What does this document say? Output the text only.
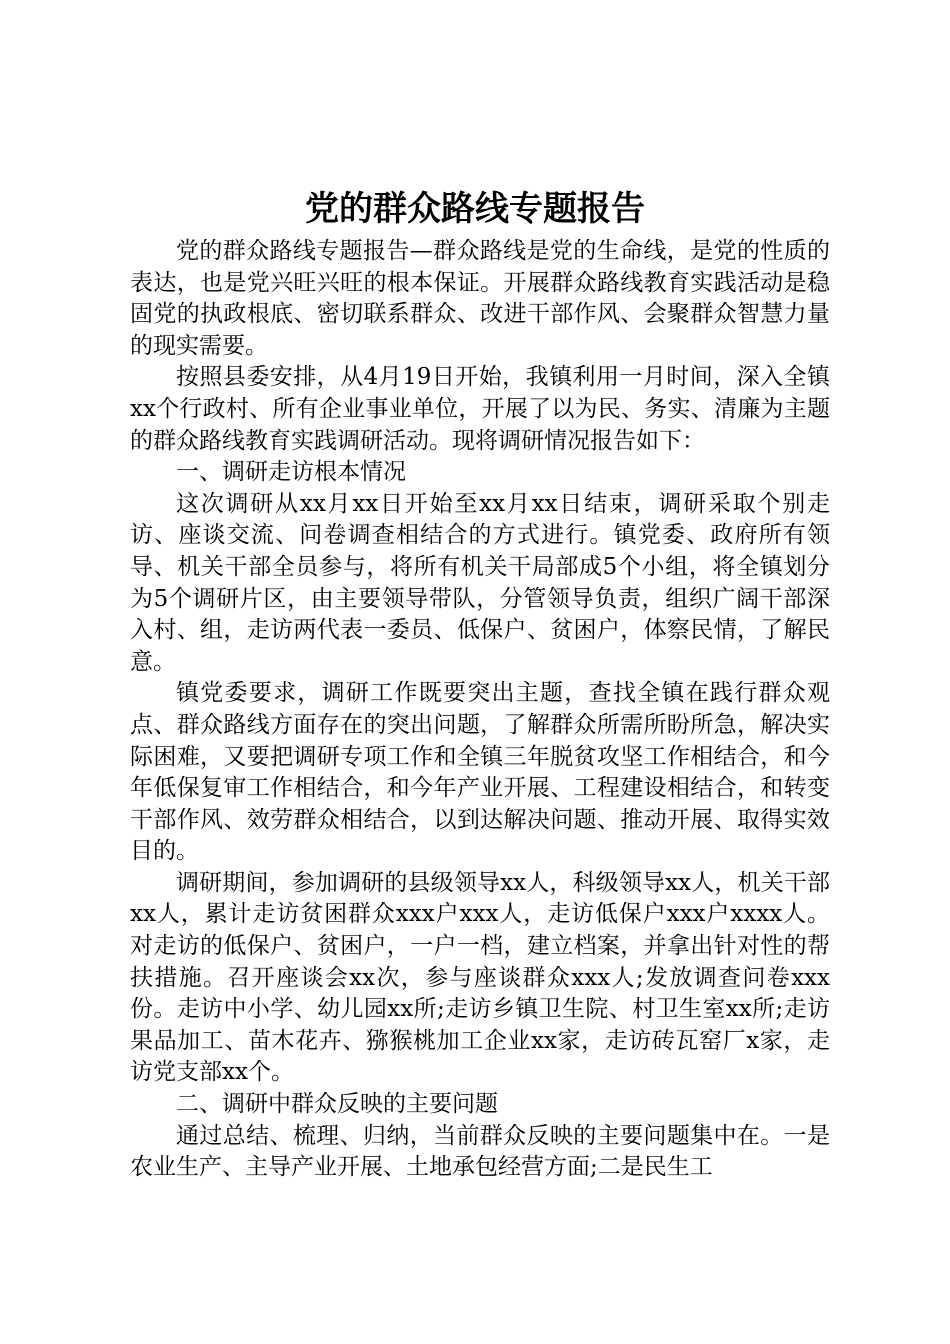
党的群众路线专题报告

党的群众路线专题报告—群众路线是党的生命线，是党的性质的表达，也是党兴旺兴旺的根本保证。开展群众路线教育实践活动是稳固党的执政根底、密切联系群众、改进干部作风、会聚群众智慧力量的现实需要。

按照县委安排，从4月19日开始，我镇利用一月时间，深入全镇xx个行政村、所有企业事业单位，开展了以为民、务实、清廉为主题的群众路线教育实践调研活动。现将调研情况报告如下：

一、调研走访根本情况

这次调研从xx月xx日开始至xx月xx日结束，调研采取个别走访、座谈交流、问卷调查相结合的方式进行。镇党委、政府所有领导、机关干部全员参与，将所有机关干局部成5个小组，将全镇划分为5个调研片区，由主要领导带队，分管领导负责，组织广阔干部深入村、组，走访两代表一委员、低保户、贫困户，体察民情，了解民意。

镇党委要求，调研工作既要突出主题，查找全镇在践行群众观点、群众路线方面存在的突出问题，了解群众所需所盼所急，解决实际困难，又要把调研专项工作和全镇三年脱贫攻坚工作相结合，和今年低保复审工作相结合，和今年产业开展、工程建设相结合，和转变干部作风、效劳群众相结合，以到达解决问题、推动开展、取得实效目的。

调研期间，参加调研的县级领导xx人，科级领导xx人，机关干部xx人，累计走访贫困群众xxx户xxx人，走访低保户xxx户xxxx人。对走访的低保户、贫困户，一户一档，建立档案，并拿出针对性的帮扶措施。召开座谈会xx次，参与座谈群众xxx人;发放调查问卷xxx份。走访中小学、幼儿园xx所;走访乡镇卫生院、村卫生室xx所;走访果品加工、苗木花卉、猕猴桃加工企业xx家，走访砖瓦窑厂x家，走访党支部xx个。

二、调研中群众反映的主要问题

通过总结、梳理、归纳，当前群众反映的主要问题集中在。一是农业生产、主导产业开展、土地承包经营方面;二是民生工
